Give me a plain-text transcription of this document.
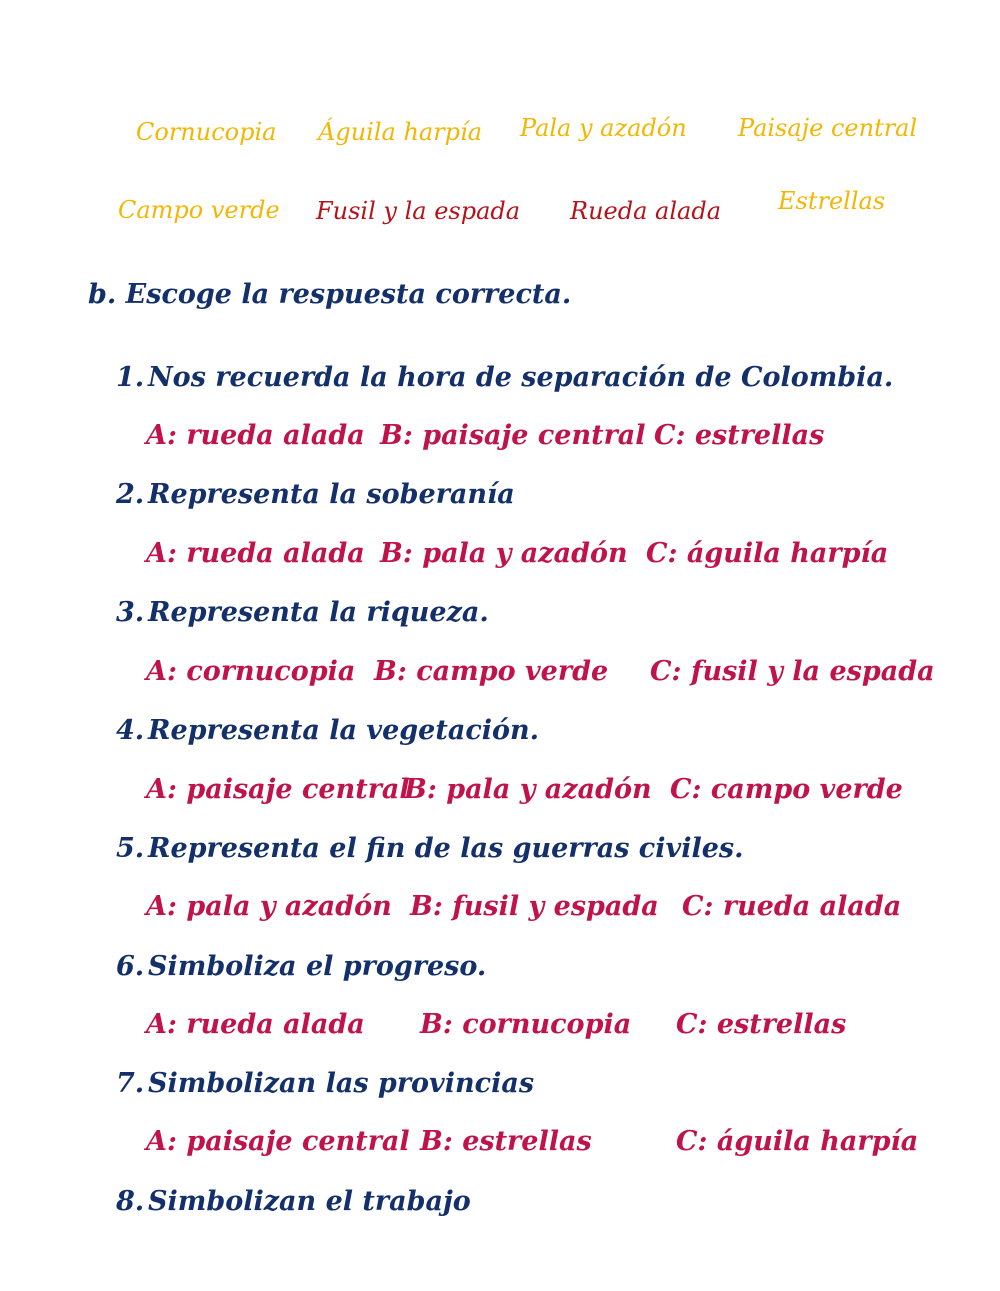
Cornucopia Águila harpía Pala y azadón Paisaje central
Campo verde Fusil y la espada Rueda alada Estrellas
b. Escoge la respuesta correcta.
1. Nos recuerda la hora de separación de Colombia.
A: rueda alada B: paisaje central C: estrellas
2. Representa la soberanía
A: rueda alada B: pala y azadón C: águila harpía
3. Representa la riqueza.
A: cornucopia B: campo verde C: fusil y la espada
4. Representa la vegetación.
A: paisaje central
B: pala y azadón C: campo verde
5. Representa el fin de las guerras civiles.
A: pala y azadón B: fusil y espada C: rueda alada
6. Simboliza el progreso.
A: rueda alada B: cornucopia C: estrellas
7. Simbolizan las provincias
A: paisaje central B: estrellas	C: águila harpía
8. Simbolizan el trabajo
